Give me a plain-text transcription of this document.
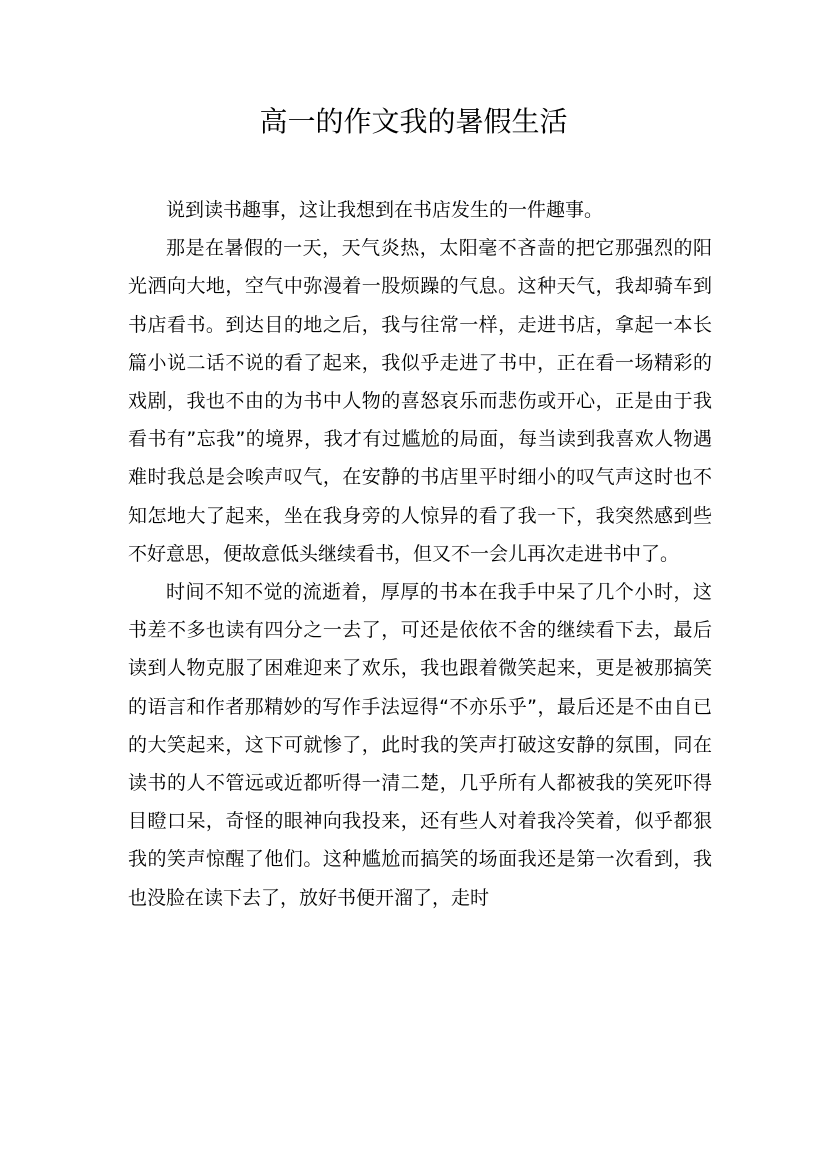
高一的作文我的暑假生活

说到读书趣事，这让我想到在书店发生的一件趣事。

那是在暑假的一天，天气炎热，太阳毫不吝啬的把它那强烈的阳光洒向大地，空气中弥漫着一股烦躁的气息。这种天气，我却骑车到书店看书。到达目的地之后，我与往常一样，走进书店，拿起一本长篇小说二话不说的看了起来，我似乎走进了书中，正在看一场精彩的戏剧，我也不由的为书中人物的喜怒哀乐而悲伤或开心，正是由于我看书有”忘我”的境界，我才有过尴尬的局面，每当读到我喜欢人物遇难时我总是会唉声叹气，在安静的书店里平时细小的叹气声这时也不知怎地大了起来，坐在我身旁的人惊异的看了我一下，我突然感到些不好意思，便故意低头继续看书，但又不一会儿再次走进书中了。

时间不知不觉的流逝着，厚厚的书本在我手中呆了几个小时，这书差不多也读有四分之一去了，可还是依依不舍的继续看下去，最后读到人物克服了困难迎来了欢乐，我也跟着微笑起来，更是被那搞笑的语言和作者那精妙的写作手法逗得“不亦乐乎”，最后还是不由自已的大笑起来，这下可就惨了，此时我的笑声打破这安静的氛围，同在读书的人不管远或近都听得一清二楚，几乎所有人都被我的笑死吓得目瞪口呆，奇怪的眼神向我投来，还有些人对着我冷笑着，似乎都狠我的笑声惊醒了他们。这种尴尬而搞笑的场面我还是第一次看到，我也没脸在读下去了，放好书便开溜了，走时
